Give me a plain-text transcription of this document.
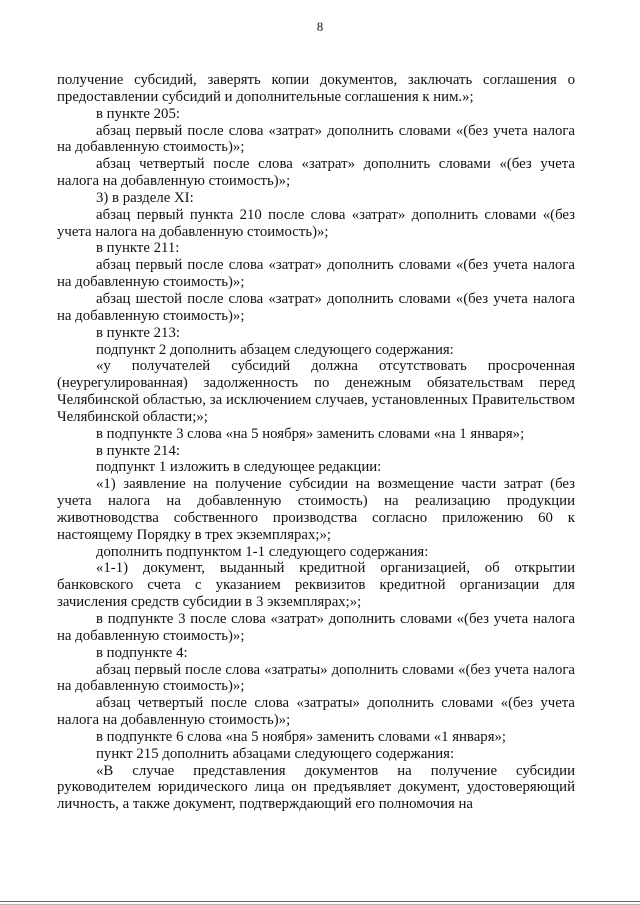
8

получение субсидий, заверять копии документов, заключать соглашения о предоставлении субсидий и дополнительные соглашения к ним.»;

в пункте 205:

абзац первый после слова «затрат» дополнить словами «(без учета налога на добавленную стоимость)»;

абзац четвертый после слова «затрат» дополнить словами «(без учета налога на добавленную стоимость)»;

3) в разделе XI:

абзац первый пункта 210 после слова «затрат» дополнить словами «(без учета налога на добавленную стоимость)»;

в пункте 211:

абзац первый после слова «затрат» дополнить словами «(без учета налога на добавленную стоимость)»;

абзац шестой после слова «затрат» дополнить словами «(без учета налога на добавленную стоимость)»;

в пункте 213:

подпункт 2 дополнить абзацем следующего содержания:

«у получателей субсидий должна отсутствовать просроченная (неурегулированная) задолженность по денежным обязательствам перед Челябинской областью, за исключением случаев, установленных Правительством Челябинской области;»;

в подпункте 3 слова «на 5 ноября» заменить словами «на 1 января»;

в пункте 214:

подпункт 1 изложить в следующее редакции:

«1) заявление на получение субсидии на возмещение части затрат (без учета налога на добавленную стоимость) на реализацию продукции животноводства собственного производства согласно приложению 60 к настоящему Порядку в трех экземплярах;»;

дополнить подпунктом 1-1 следующего содержания:

«1-1) документ, выданный кредитной организацией, об открытии банковского счета с указанием реквизитов кредитной организации для зачисления средств субсидии в 3 экземплярах;»;

в подпункте 3 после слова «затрат» дополнить словами «(без учета налога на добавленную стоимость)»;

в подпункте 4:

абзац первый после слова «затраты» дополнить словами «(без учета налога на добавленную стоимость)»;

абзац четвертый после слова «затраты» дополнить словами «(без учета налога на добавленную стоимость)»;

в подпункте 6 слова «на 5 ноября» заменить словами «1 января»;

пункт 215 дополнить абзацами следующего содержания:

«В случае представления документов на получение субсидии руководителем юридического лица он предъявляет документ, удостоверяющий личность, а также документ, подтверждающий его полномочия на
